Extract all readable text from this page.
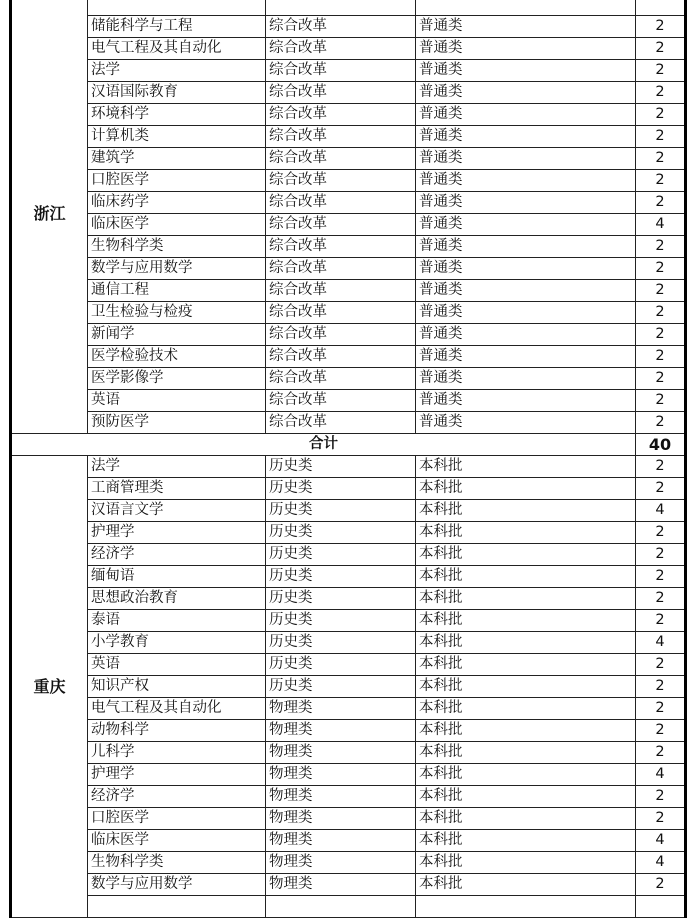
浙江				
	储能科学与工程	综合改革	普通类	2
	电气工程及其自动化	综合改革	普通类	2
	法学	综合改革	普通类	2
	汉语国际教育	综合改革	普通类	2
	环境科学	综合改革	普通类	2
	计算机类	综合改革	普通类	2
	建筑学	综合改革	普通类	2
	口腔医学	综合改革	普通类	2
	临床药学	综合改革	普通类	2
	临床医学	综合改革	普通类	4
	生物科学类	综合改革	普通类	2
	数学与应用数学	综合改革	普通类	2
	通信工程	综合改革	普通类	2
	卫生检验与检疫	综合改革	普通类	2
	新闻学	综合改革	普通类	2
	医学检验技术	综合改革	普通类	2
	医学影像学	综合改革	普通类	2
	英语	综合改革	普通类	2
	预防医学	综合改革	普通类	2
合计				40
重庆	法学	历史类	本科批	2
	工商管理类	历史类	本科批	2
	汉语言文学	历史类	本科批	4
	护理学	历史类	本科批	2
	经济学	历史类	本科批	2
	缅甸语	历史类	本科批	2
	思想政治教育	历史类	本科批	2
	泰语	历史类	本科批	2
	小学教育	历史类	本科批	4
	英语	历史类	本科批	2
	知识产权	历史类	本科批	2
	电气工程及其自动化	物理类	本科批	2
	动物科学	物理类	本科批	2
	儿科学	物理类	本科批	2
	护理学	物理类	本科批	4
	经济学	物理类	本科批	2
	口腔医学	物理类	本科批	2
	临床医学	物理类	本科批	4
	生物科学类	物理类	本科批	4
	数学与应用数学	物理类	本科批	2
